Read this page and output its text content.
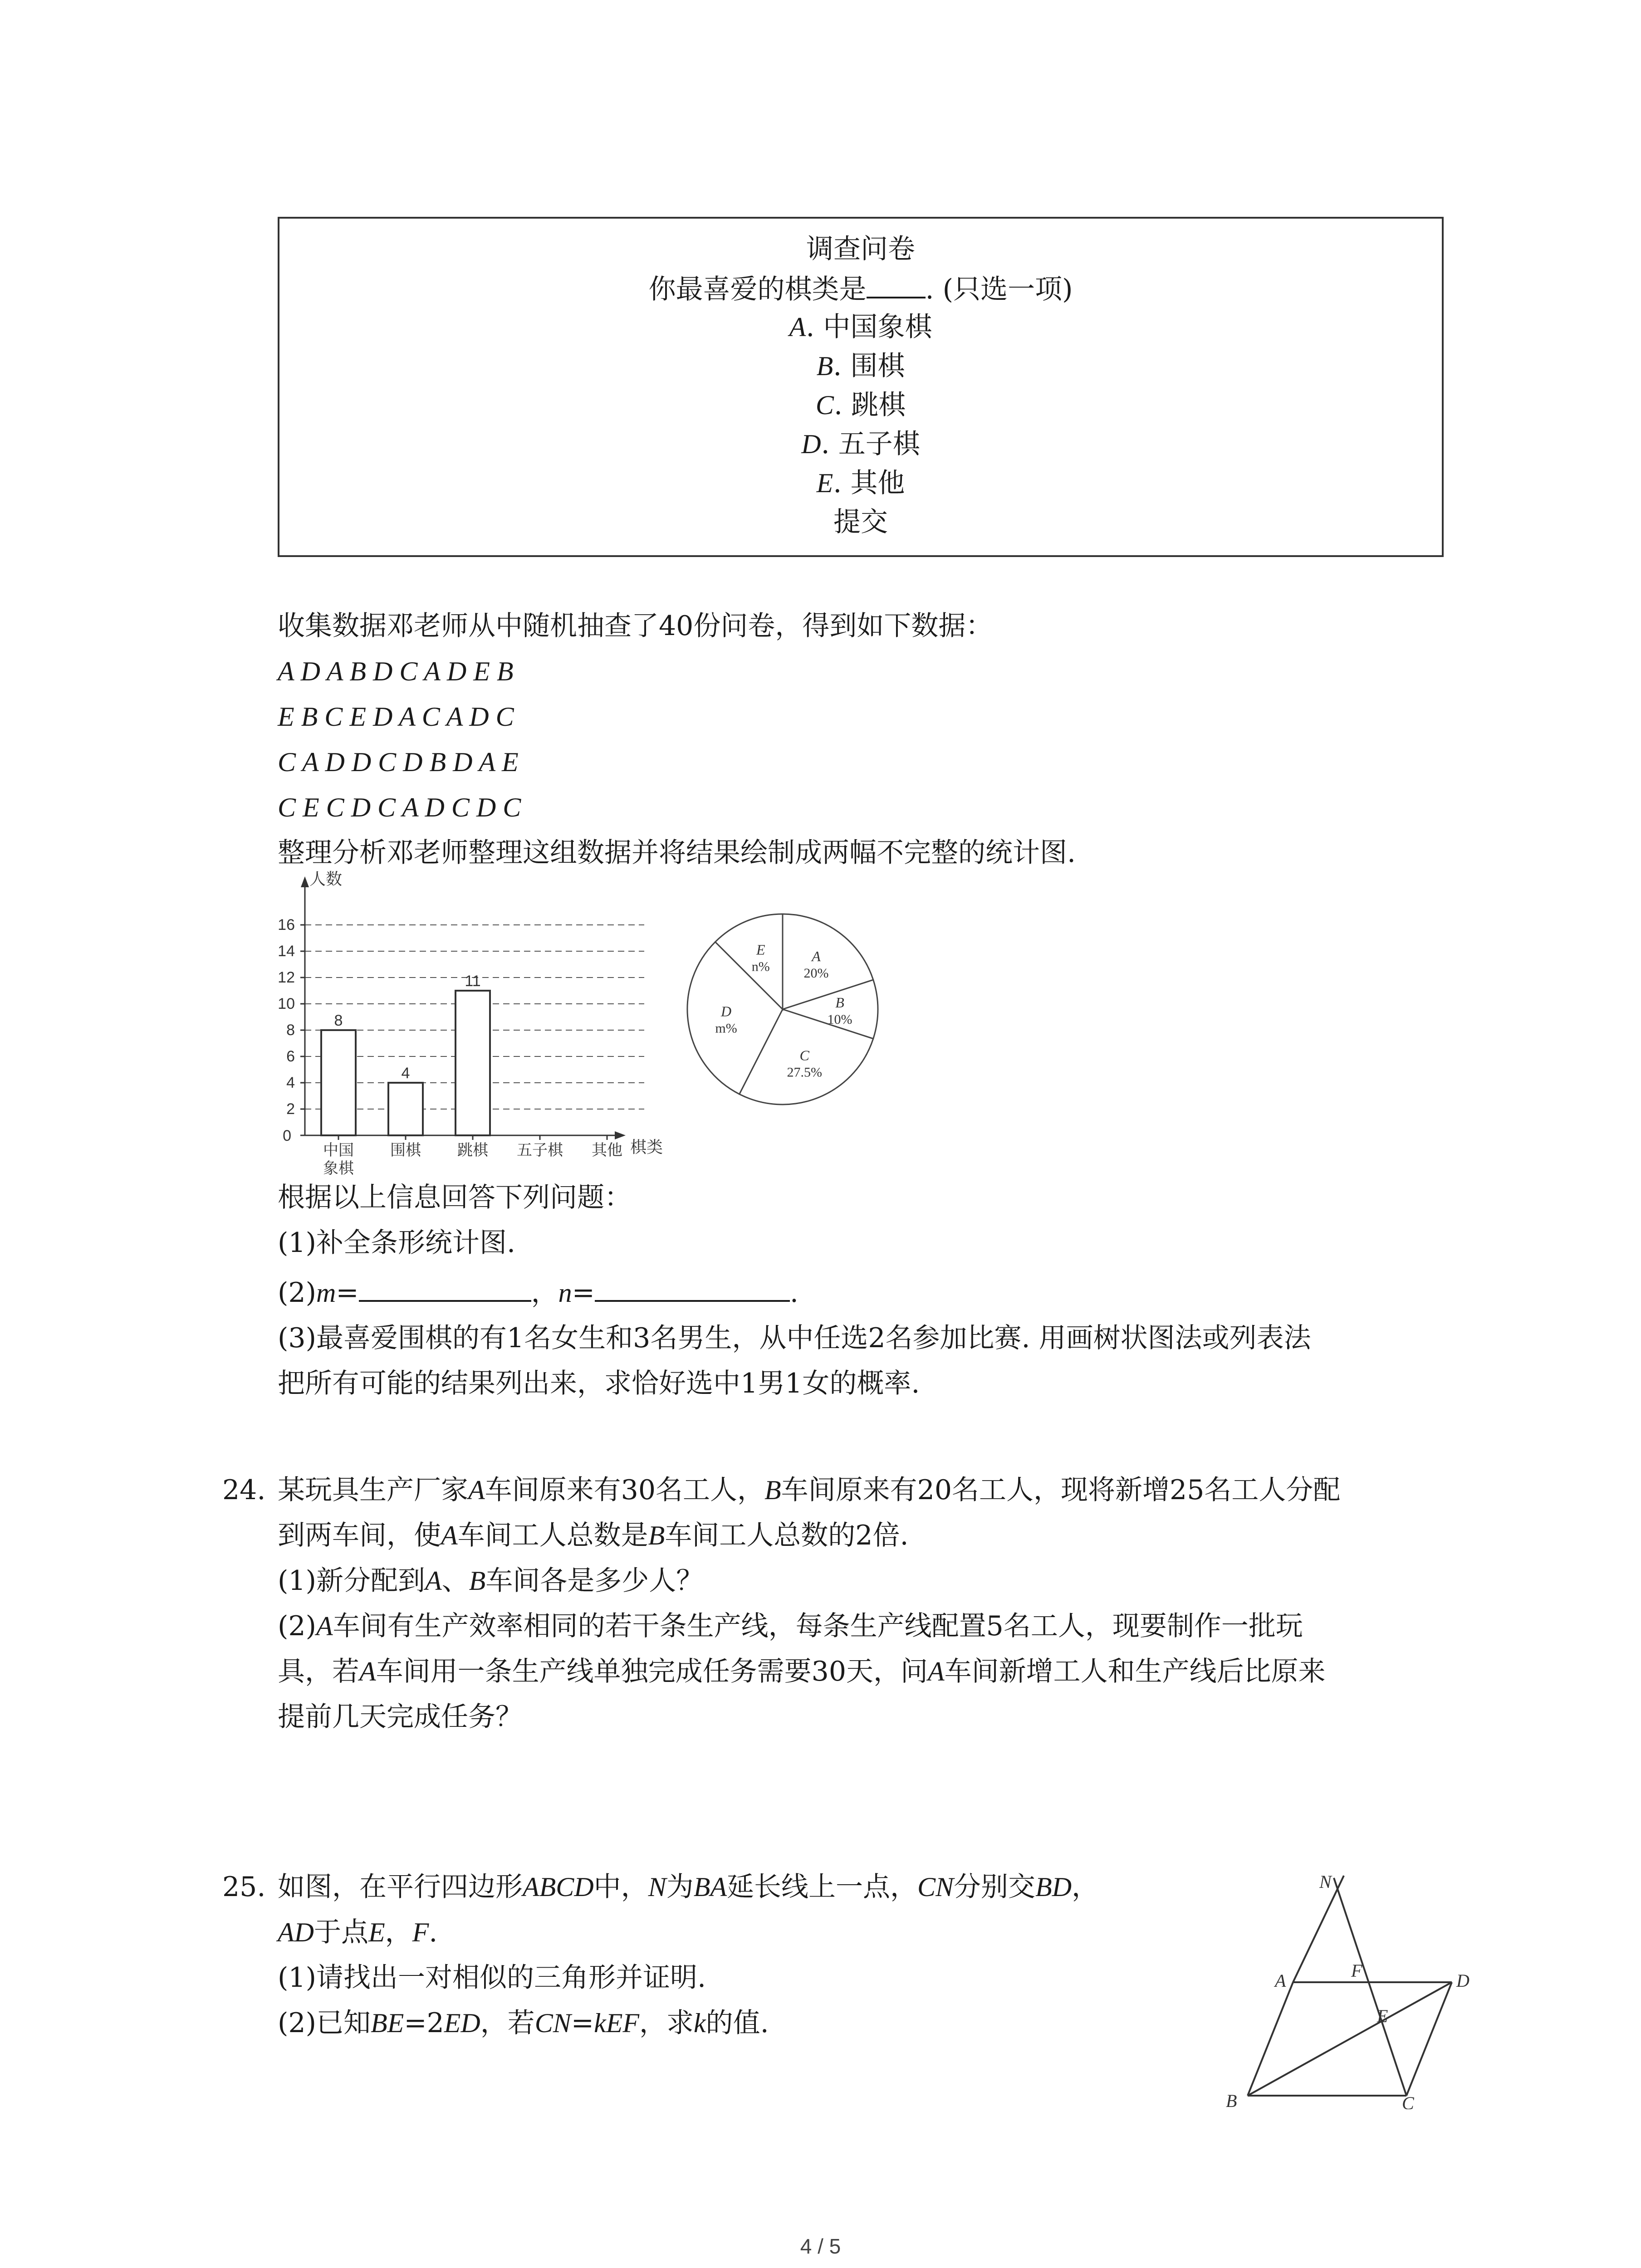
调查问卷
你最喜爱的棋类是 . (只选一项)
A. 中国象棋
B. 围棋
C. 跳棋
D. 五子棋
E. 其他
提交
收集数据邓老师从中随机抽查了40份问卷，得到如下数据：
A D A B D C A D E B
E B C E D A C A D C
C A D D C D B D A E
C E C D C A D C D C
整理分析邓老师整理这组数据并将结果绘制成两幅不完整的统计图.
2
4
6
8
10
12
14
16
0
人数
棋类
8
中国
象棋
4
围棋
11
跳棋 五子棋 其他
A
20%
B
10%
C
27.5%
D
m%
E
n%
根据以上信息回答下列问题：
(1)补全条形统计图.
(2)m=	，n=	.
(3)最喜爱围棋的有1名女生和3名男生，从中任选2名参加比赛. 用画树状图法或列表法
把所有可能的结果列出来，求恰好选中1男1女的概率.
24. 某玩具生产厂家A车间原来有30名工人，B车间原来有20名工人，现将新增25名工人分配
到两车间，使A车间工人总数是B车间工人总数的2倍.
(1)新分配到A、B车间各是多少人？
(2)A车间有生产效率相同的若干条生产线，每条生产线配置5名工人，现要制作一批玩
具，若A车间用一条生产线单独完成任务需要30天，问A车间新增工人和生产线后比原来
提前几天完成任务？
25. 如图，在平行四边形ABCD中，N为BA延长线上一点，CN分别交BD，
AD于点E，F.
(1)请找出一对相似的三角形并证明.
(2)已知BE=2ED，若CN=kEF，求k的值.
N
A	F	D
E
B	C
4 / 5
